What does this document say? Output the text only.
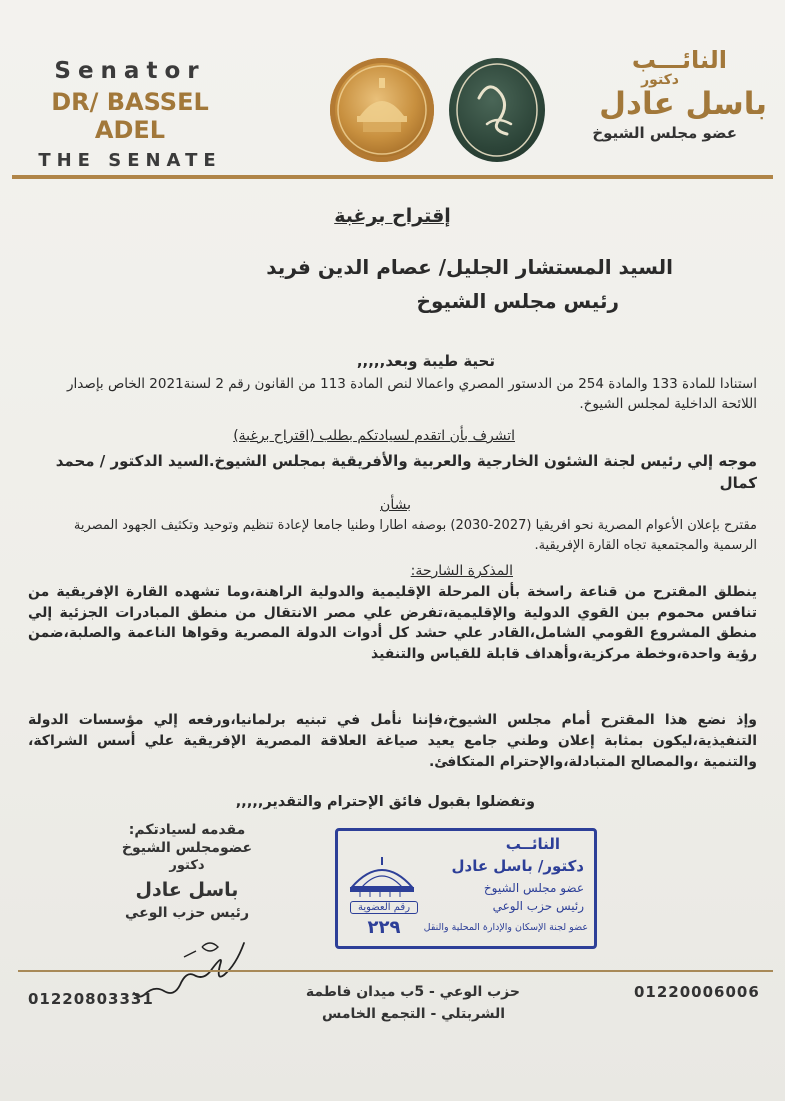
Senator
DR/ BASSEL ADEL
THE SENATE
النائـــب
دكتور
باسل عادل
عضو مجلس الشيوخ
إقتراح برغبة
السيد المستشار الجليل/ عصام الدين فريد
رئيس مجلس الشيوخ
تحية طيبة وبعد,,,,,
استنادا للمادة 133 والمادة 254 من الدستور المصري واعمالا لنص المادة 113 من القانون رقم 2 لسنة2021 الخاص بإصدار اللائحة الداخلية لمجلس الشيوخ.
اتشرف بأن اتقدم لسيادتكم بطلب (اقتراح برغبة)
موجه إلي رئيس لجنة الشئون الخارجية والعربية والأفريقية بمجلس الشيوخ.السيد الدكتور / محمد كمال
بشأن
مقترح بإعلان الأعوام المصرية نحو افريقيا (2027-2030) بوصفه اطارا وطنيا جامعا لإعادة تنظيم وتوحيد وتكثيف الجهود المصرية الرسمية والمجتمعية تجاه القارة الإفريقية.
المذكرة الشارحة:
ينطلق المقترح من قناعة راسخة بأن المرحلة الإقليمية والدولية الراهنة،وما تشهده القارة الإفريقية من تنافس محموم بين القوي الدولية والإقليمية،تفرض علي مصر الانتقال من منطق المبادرات الجزئية إلي منطق المشروع القومي الشامل،القادر علي حشد كل أدوات الدولة المصرية وقواها الناعمة والصلبة،ضمن رؤية واحدة،وخطة مركزية،وأهداف قابلة للقياس والتنفيذ
وإذ نضع هذا المقترح أمام مجلس الشيوخ،فإننا نأمل في تبنيه برلمانيا،ورفعه إلي مؤسسات الدولة التنفيذية،ليكون بمثابة إعلان وطني جامع يعيد صياغة العلاقة المصرية الإفريقية علي أسس الشراكة، والتنمية ،والمصالح المتبادلة،والإحترام المتكافئ.
وتفضلوا بقبول فائق الإحترام والتقدير,,,,,
مقدمه لسيادتكم:
عضومجلس الشيوخ
دكتور
باسل عادل
رئيس حزب الوعي
النائــب
دكتور/ باسل عادل
عضو مجلس الشيوخ
رئيس حزب الوعي
عضو لجنة الإسكان والإدارة المحلية والنقل
رقم العضوية
٢٢٩
01220803331	حزب الوعي - 5ب ميدان فاطمة
الشربتلي - التجمع الخامس
01220006006
